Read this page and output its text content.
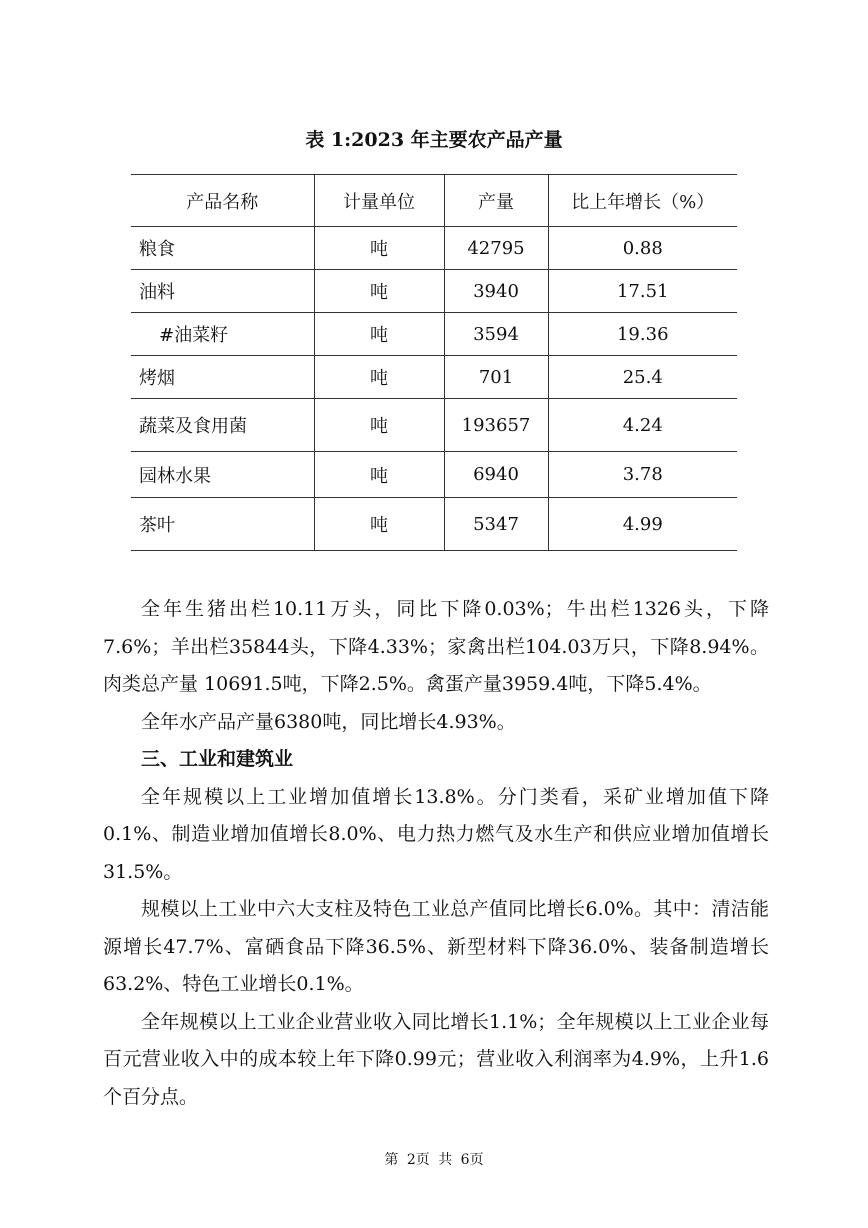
表 1:2023 年主要农产品产量
产品名称	计量单位	产量	比上年增长（%）
粮食	吨	42795	0.88
油料	吨	3940	17.51
#油菜籽	吨	3594	19.36
烤烟	吨	701	25.4
蔬菜及食用菌	吨	193657	4.24
园林水果	吨	6940	3.78
茶叶	吨	5347	4.99

全年生猪出栏10.11万头，同比下降0.03%；牛出栏1326头，下降7.6%；羊出栏35844头，下降4.33%；家禽出栏104.03万只，下降8.94%。肉类总产量 10691.5吨，下降2.5%。禽蛋产量3959.4吨，下降5.4%。

全年水产品产量6380吨，同比增长4.93%。

三、工业和建筑业

全年规模以上工业增加值增长13.8%。分门类看，采矿业增加值下降0.1%、制造业增加值增长8.0%、电力热力燃气及水生产和供应业增加值增长31.5%。

规模以上工业中六大支柱及特色工业总产值同比增长6.0%。其中：清洁能源增长47.7%、富硒食品下降36.5%、新型材料下降36.0%、装备制造增长63.2%、特色工业增长0.1%。

全年规模以上工业企业营业收入同比增长1.1%；全年规模以上工业企业每百元营业收入中的成本较上年下降0.99元；营业收入利润率为4.9%，上升1.6个百分点。

第 2页 共 6页
